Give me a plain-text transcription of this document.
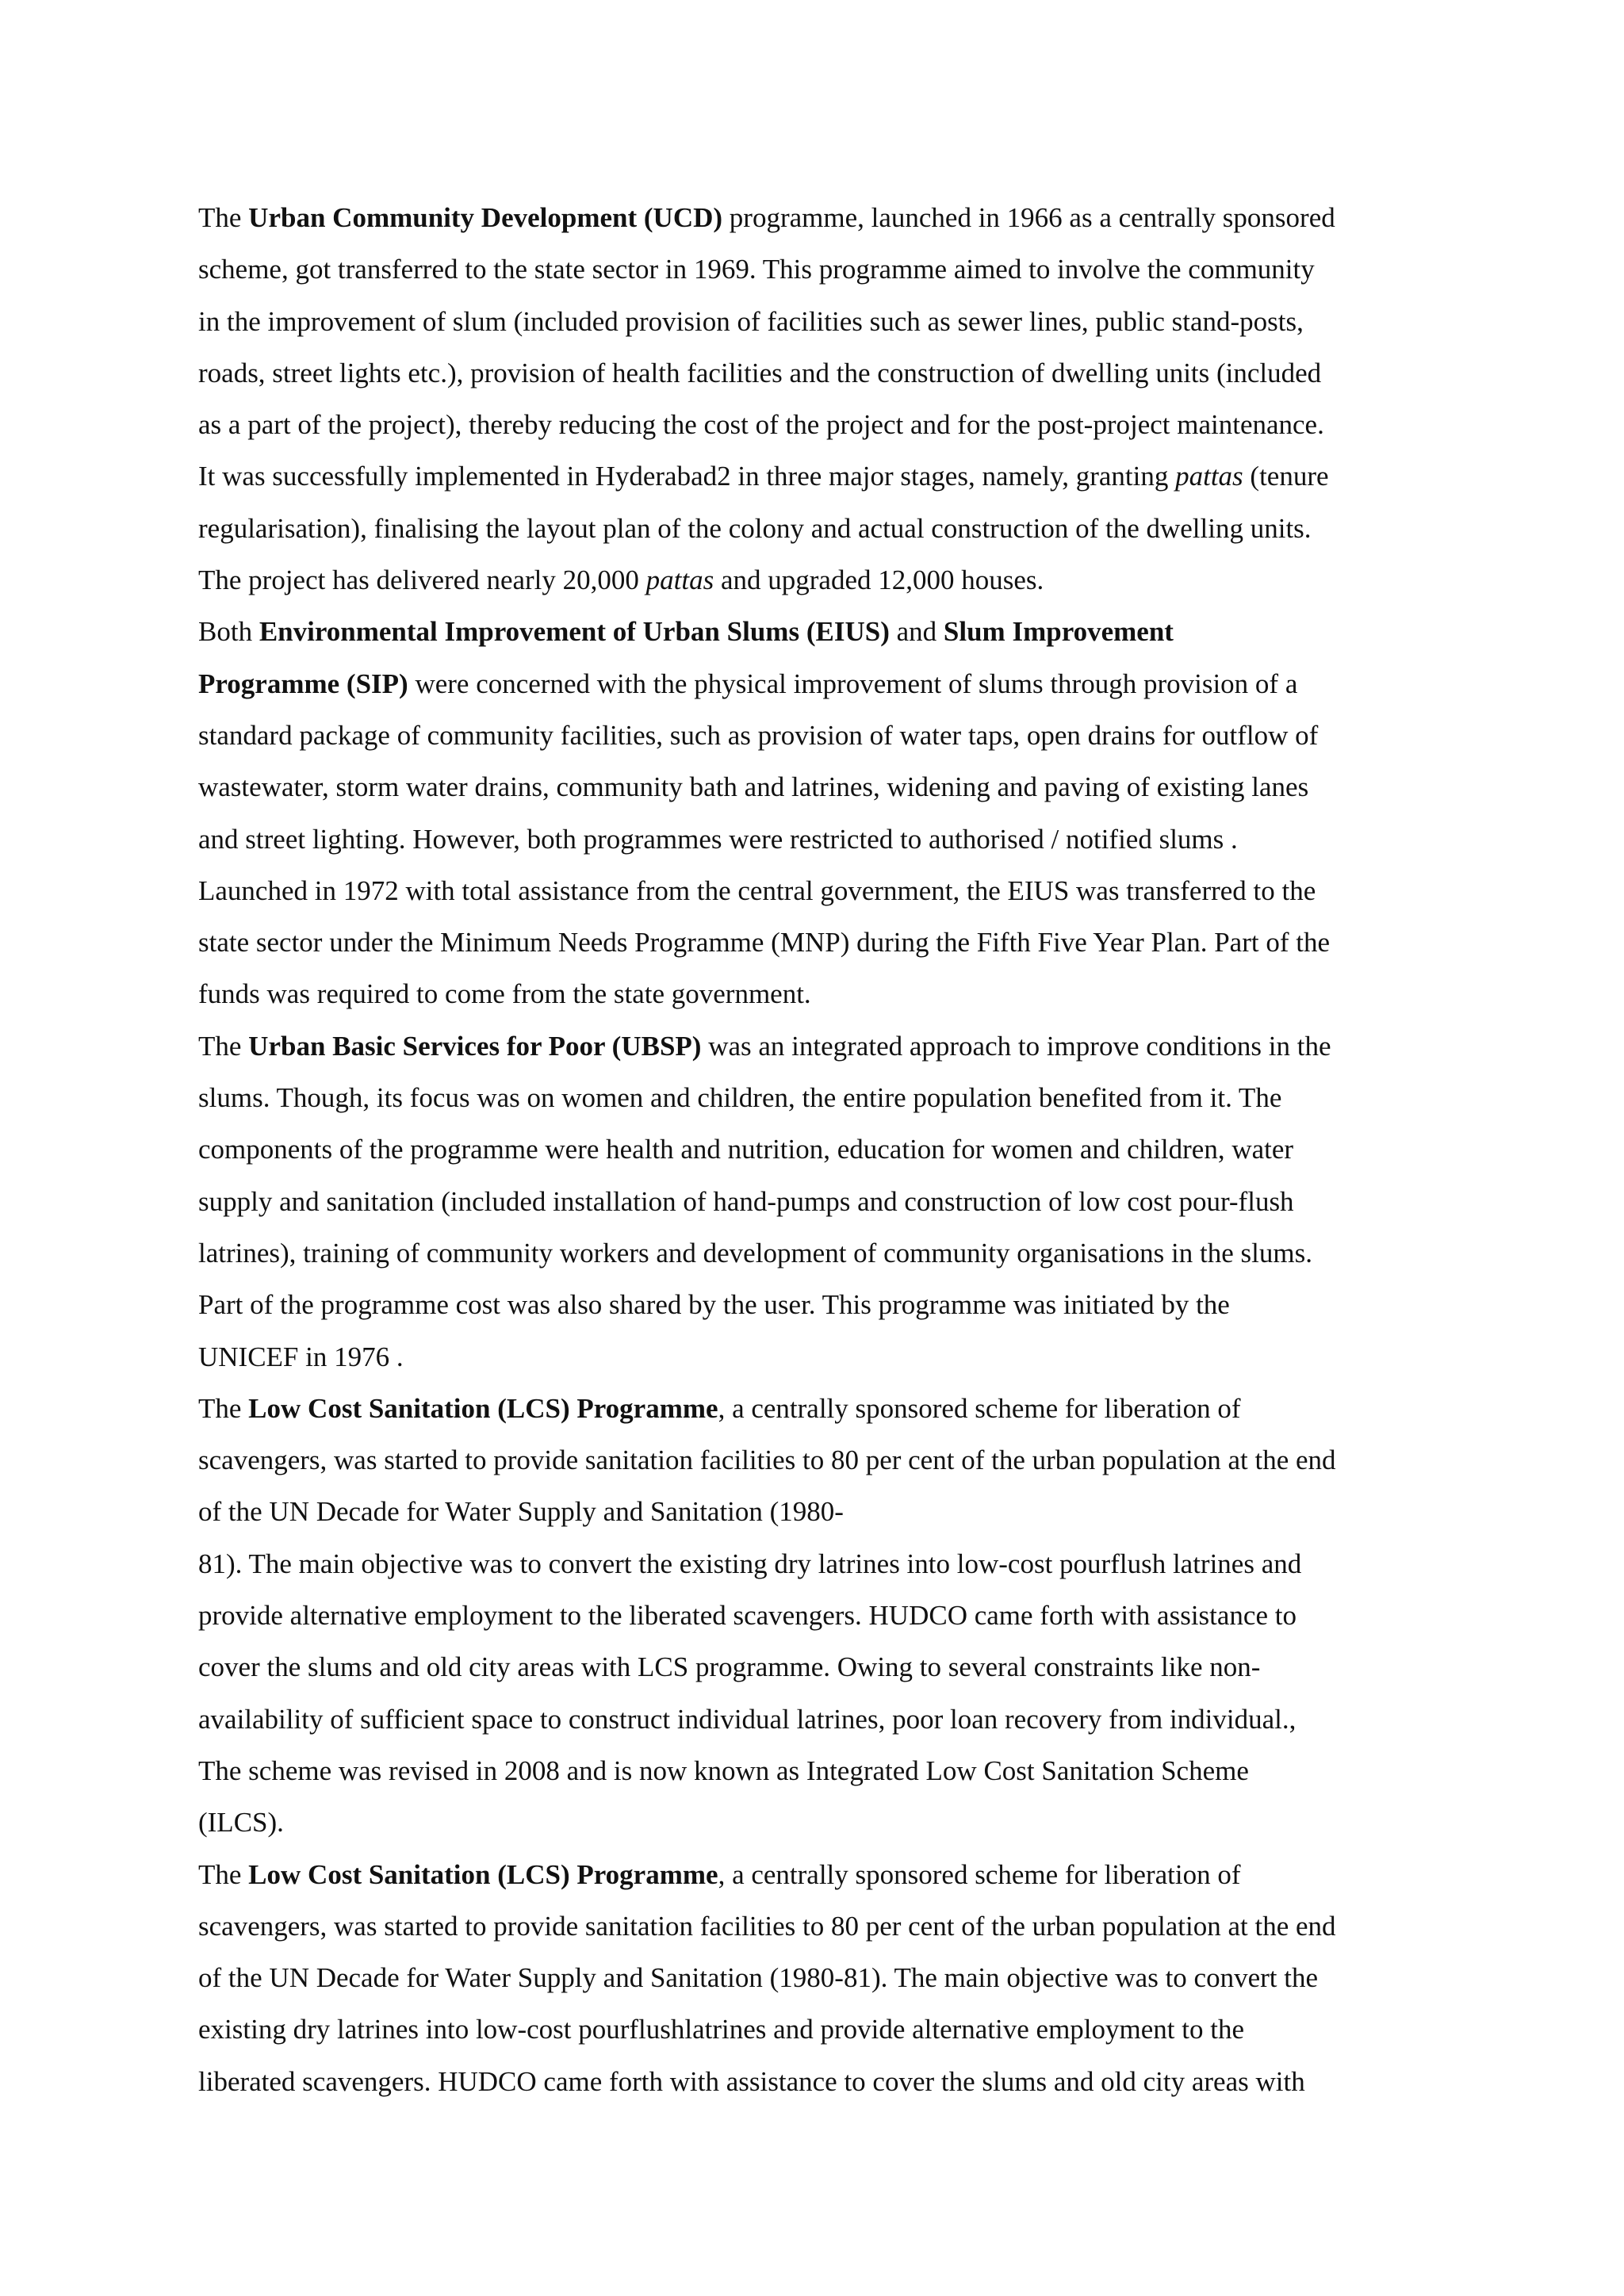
The Urban Community Development (UCD) programme, launched in 1966 as a centrally sponsored
scheme, got transferred to the state sector in 1969. This programme aimed to involve the community
in the improvement of slum (included provision of facilities such as sewer lines, public stand-posts,
roads, street lights etc.), provision of health facilities and the construction of dwelling units (included
as a part of the project), thereby reducing the cost of the project and for the post-project maintenance.
It was successfully implemented in Hyderabad2 in three major stages, namely, granting pattas (tenure
regularisation), finalising the layout plan of the colony and actual construction of the dwelling units.
The project has delivered nearly 20,000 pattas and upgraded 12,000 houses.
Both Environmental Improvement of Urban Slums (EIUS) and Slum Improvement
Programme (SIP) were concerned with the physical improvement of slums through provision of a
standard package of community facilities, such as provision of water taps, open drains for outflow of
wastewater, storm water drains, community bath and latrines, widening and paving of existing lanes
and street lighting. However, both programmes were restricted to authorised / notified slums .
Launched in 1972 with total assistance from the central government, the EIUS was transferred to the
state sector under the Minimum Needs Programme (MNP) during the Fifth Five Year Plan. Part of the
funds was required to come from the state government.
The Urban Basic Services for Poor (UBSP) was an integrated approach to improve conditions in the
slums. Though, its focus was on women and children, the entire population benefited from it. The
components of the programme were health and nutrition, education for women and children, water
supply and sanitation (included installation of hand-pumps and construction of low cost pour-flush
latrines), training of community workers and development of community organisations in the slums.
Part of the programme cost was also shared by the user. This programme was initiated by the
UNICEF in 1976 .
The Low Cost Sanitation (LCS) Programme, a centrally sponsored scheme for liberation of
scavengers, was started to provide sanitation facilities to 80 per cent of the urban population at the end
of the UN Decade for Water Supply and Sanitation (1980-
81). The main objective was to convert the existing dry latrines into low-cost pourflush latrines and
provide alternative employment to the liberated scavengers. HUDCO came forth with assistance to
cover the slums and old city areas with LCS programme. Owing to several constraints like non-
availability of sufficient space to construct individual latrines, poor loan recovery from individual.,
The scheme was revised in 2008 and is now known as Integrated Low Cost Sanitation Scheme
(ILCS).
The Low Cost Sanitation (LCS) Programme, a centrally sponsored scheme for liberation of
scavengers, was started to provide sanitation facilities to 80 per cent of the urban population at the end
of the UN Decade for Water Supply and Sanitation (1980-81). The main objective was to convert the
existing dry latrines into low-cost pourflushlatrines and provide alternative employment to the
liberated scavengers. HUDCO came forth with assistance to cover the slums and old city areas with
